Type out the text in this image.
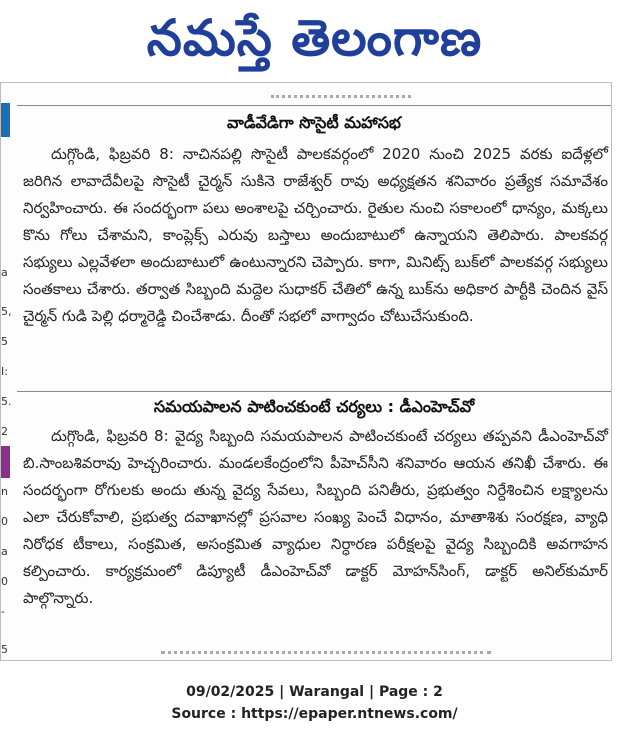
నమస్తే తెలంగాణ
a
5,
5
I:
5.
2
n
0
a
0
-
5
వాడీవేడిగా సొసైటీ మహాసభ

దుగ్గొండి, ఫిబ్రవరి 8: నాచినపల్లి సొసైటీ పాలకవర్గంలో 2020 నుంచి 2025 వరకు ఐదేళ్లలో జరిగిన లావాదేవీలపై సొసైటీ చైర్మన్ సుకినె రాజేశ్వర్ రావు అధ్యక్షతన శనివారం ప్రత్యేక సమావేశం నిర్వహించారు. ఈ సందర్భంగా పలు అంశాలపై చర్చించారు. రైతుల నుంచి సకాలంలో ధాన్యం, మక్కలు కొను గోలు చేశామని, కాంప్లెక్స్ ఎరువు బస్తాలు అందుబాటులో ఉన్నాయని తెలిపారు. పాలకవర్గ సభ్యులు ఎల్లవేళలా అందుబాటులో ఉంటున్నారని చెప్పారు. కాగా, మినిట్స్ బుక్‌లో పాలకవర్గ సభ్యులు సంతకాలు చేశారు. తర్వాత సిబ్బంది మద్దెల సుధాకర్ చేతిలో ఉన్న బుక్‌ను అధికార పార్టీకి చెందిన వైస్ చైర్మన్ గుడి పెల్లి ధర్మారెడ్డి చించేశాడు. దీంతో సభలో వాగ్వాదం చోటుచేసుకుంది.

సమయపాలన పాటించకుంటే చర్యలు : డీఎంహెచ్‌వో

దుగ్గొండి, ఫిబ్రవరి 8: వైద్య సిబ్బంది సమయపాలన పాటించకుంటే చర్యలు తప్పవని డీఎంహెచ్‌వో బి.సాంబశివరావు హెచ్చరించారు. మండలకేంద్రంలోని పీహెచ్‌సీని శనివారం ఆయన తనిఖీ చేశారు. ఈ సందర్భంగా రోగులకు అందు తున్న వైద్య సేవలు, సిబ్బంది పనితీరు, ప్రభుత్వం నిర్దేశించిన లక్ష్యాలను ఎలా చేరుకోవాలి, ప్రభుత్వ దవాఖానల్లో ప్రసవాల సంఖ్య పెంచే విధానం, మాతాశిశు సంరక్షణ, వ్యాధి నిరోధక టీకాలు, సంక్రమిత, అసంక్రమిత వ్యాధుల నిర్ధారణ పరీక్షలపై వైద్య సిబ్బందికి అవగాహన కల్పించారు. కార్యక్రమంలో డిప్యూటీ డీఎంహెచ్‌వో డాక్టర్ మోహన్‌సింగ్, డాక్టర్ అనిల్‌కుమార్ పాల్గొన్నారు.

09/02/2025 | Warangal | Page : 2
Source : https://epaper.ntnews.com/
